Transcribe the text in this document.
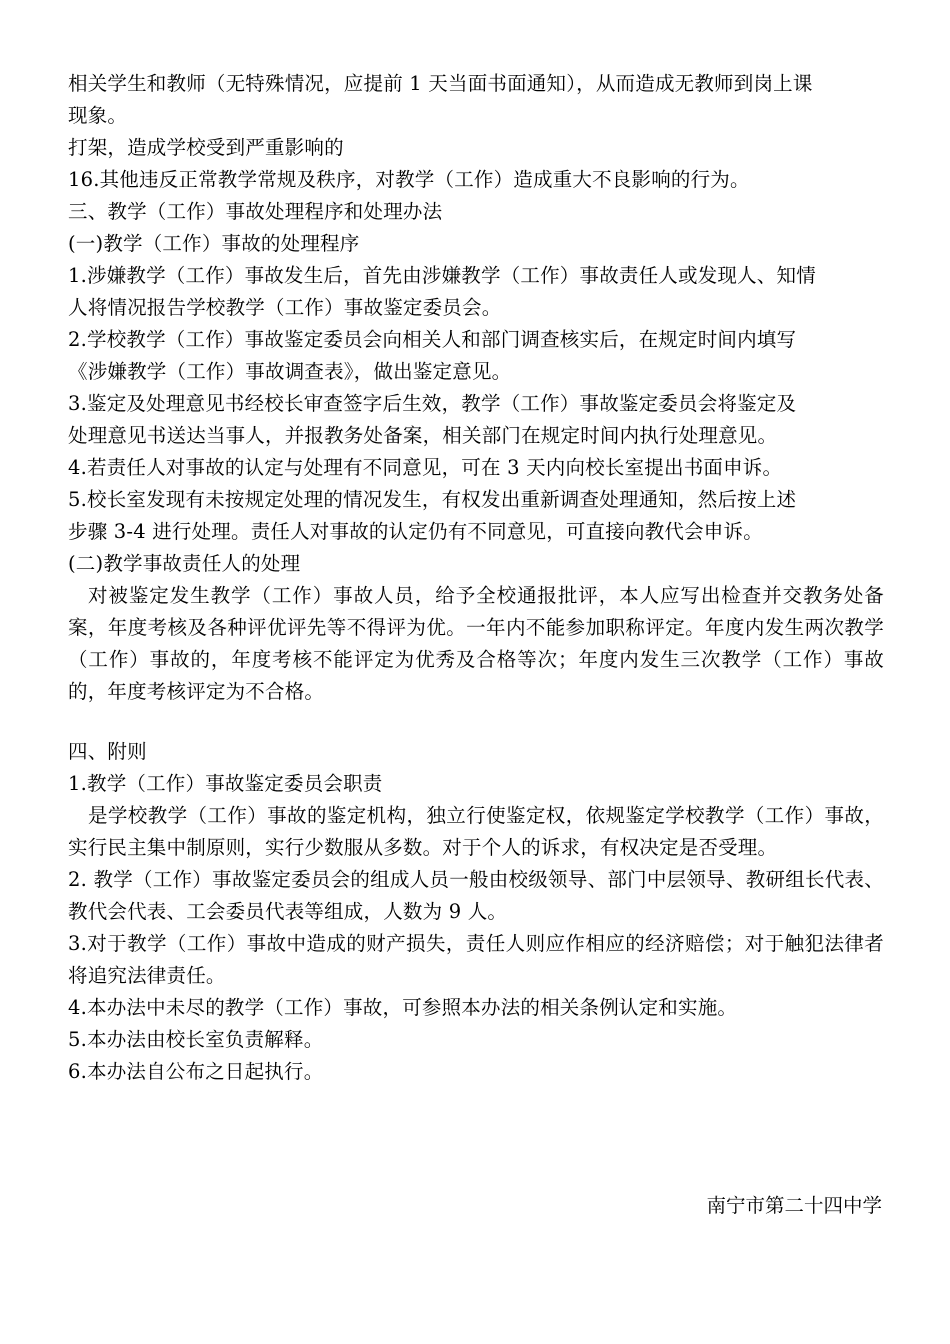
相关学生和教师（无特殊情况，应提前 1 天当面书面通知），从而造成无教师到岗上课
现象。
打架，造成学校受到严重影响的
16.其他违反正常教学常规及秩序，对教学（工作）造成重大不良影响的行为。
三、教学（工作）事故处理程序和处理办法
(一)教学（工作）事故的处理程序
1.涉嫌教学（工作）事故发生后，首先由涉嫌教学（工作）事故责任人或发现人、知情
人将情况报告学校教学（工作）事故鉴定委员会。
2.学校教学（工作）事故鉴定委员会向相关人和部门调查核实后，在规定时间内填写
《涉嫌教学（工作）事故调查表》，做出鉴定意见。
3.鉴定及处理意见书经校长审查签字后生效，教学（工作）事故鉴定委员会将鉴定及
处理意见书送达当事人，并报教务处备案，相关部门在规定时间内执行处理意见。
4.若责任人对事故的认定与处理有不同意见，可在 3 天内向校长室提出书面申诉。
5.校长室发现有未按规定处理的情况发生，有权发出重新调查处理通知，然后按上述
步骤 3-4 进行处理。责任人对事故的认定仍有不同意见，可直接向教代会申诉。
(二)教学事故责任人的处理
对被鉴定发生教学（工作）事故人员，给予全校通报批评，本人应写出检查并交教务处备案，年度考核及各种评优评先等不得评为优。一年内不能参加职称评定。年度内发生两次教学（工作）事故的，年度考核不能评定为优秀及合格等次；年度内发生三次教学（工作）事故的，年度考核评定为不合格。
四、附则
1.教学（工作）事故鉴定委员会职责
是学校教学（工作）事故的鉴定机构，独立行使鉴定权，依规鉴定学校教学（工作）事故，实行民主集中制原则，实行少数服从多数。对于个人的诉求，有权决定是否受理。
2. 教学（工作）事故鉴定委员会的组成人员一般由校级领导、部门中层领导、教研组长代表、教代会代表、工会委员代表等组成，人数为 9 人。
3.对于教学（工作）事故中造成的财产损失，责任人则应作相应的经济赔偿；对于触犯法律者将追究法律责任。
4.本办法中未尽的教学（工作）事故，可参照本办法的相关条例认定和实施。
5.本办法由校长室负责解释。
6.本办法自公布之日起执行。
南宁市第二十四中学
